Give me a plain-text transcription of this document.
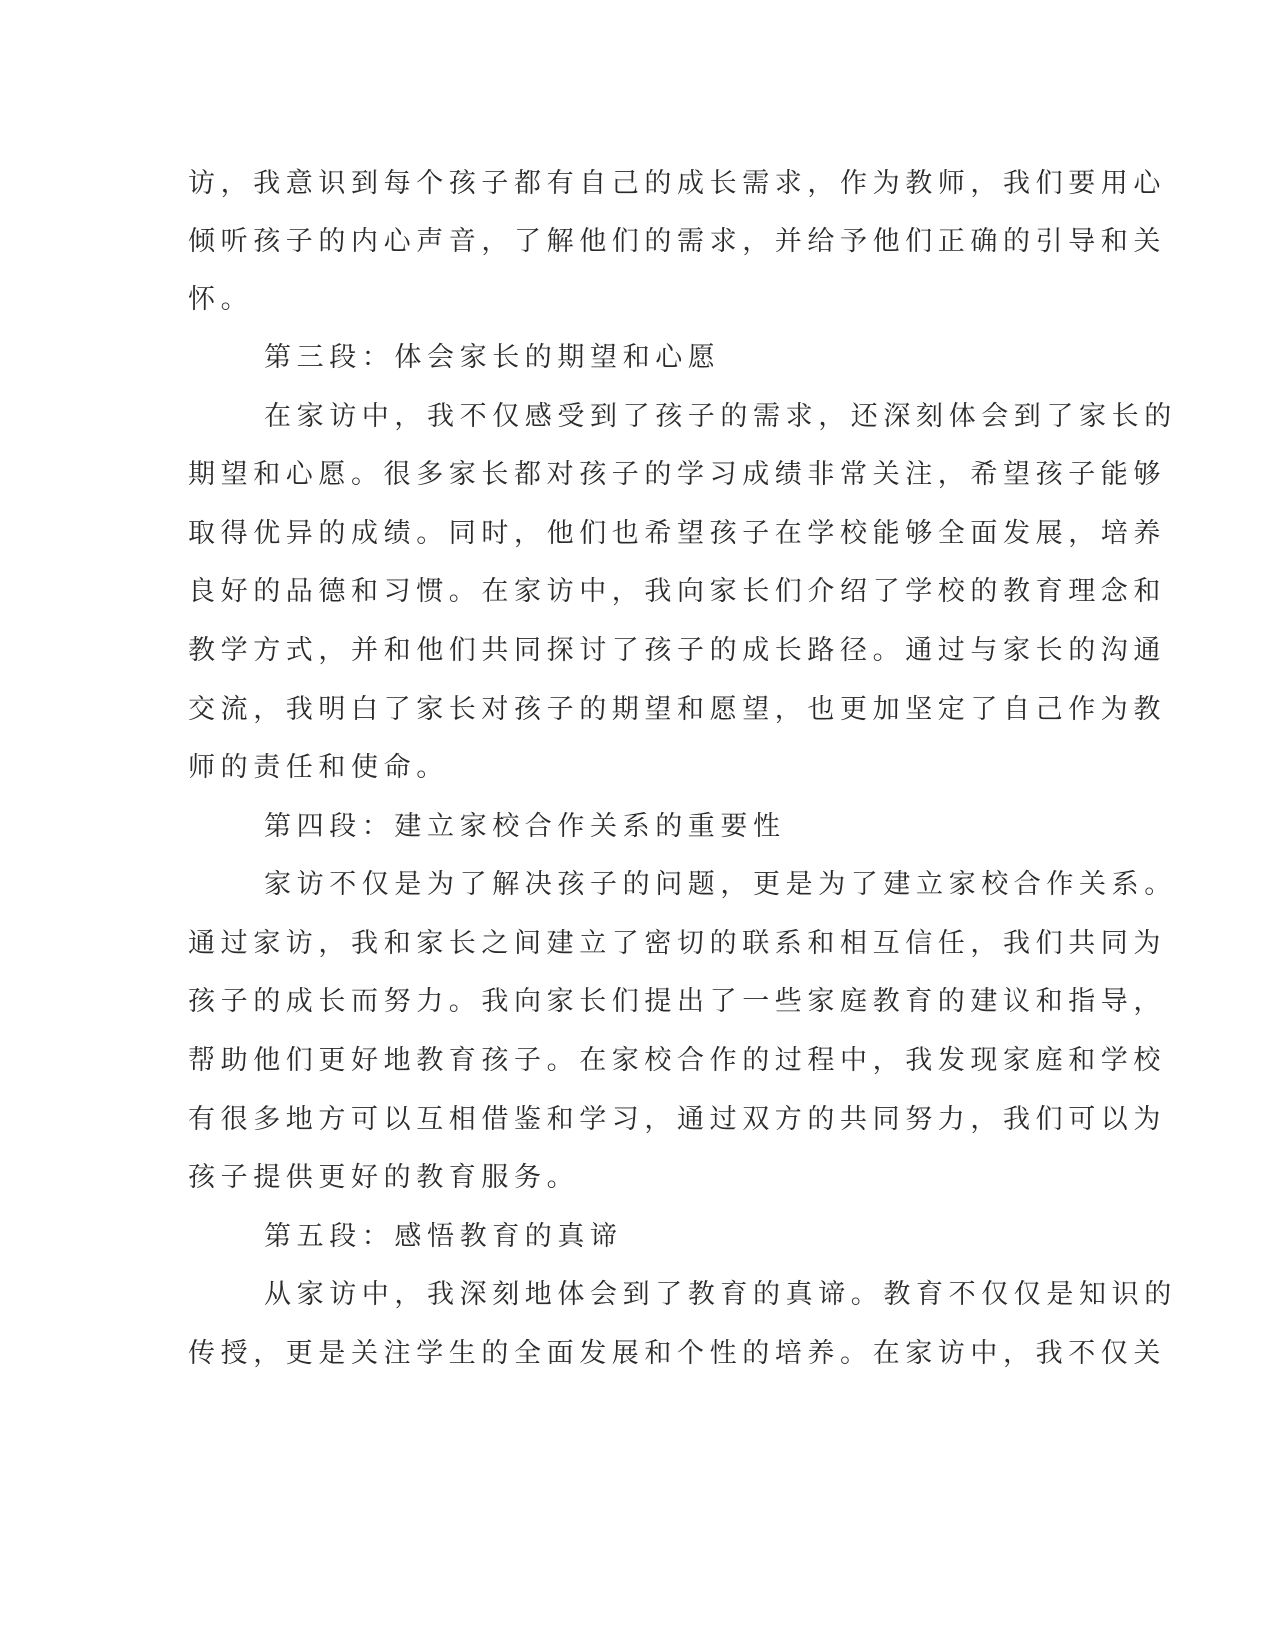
访，我意识到每个孩子都有自己的成长需求，作为教师，我们要用心
倾听孩子的内心声音，了解他们的需求，并给予他们正确的引导和关
怀。
第三段：体会家长的期望和心愿
在家访中，我不仅感受到了孩子的需求，还深刻体会到了家长的
期望和心愿。很多家长都对孩子的学习成绩非常关注，希望孩子能够
取得优异的成绩。同时，他们也希望孩子在学校能够全面发展，培养
良好的品德和习惯。在家访中，我向家长们介绍了学校的教育理念和
教学方式，并和他们共同探讨了孩子的成长路径。通过与家长的沟通
交流，我明白了家长对孩子的期望和愿望，也更加坚定了自己作为教
师的责任和使命。
第四段：建立家校合作关系的重要性
家访不仅是为了解决孩子的问题，更是为了建立家校合作关系。
通过家访，我和家长之间建立了密切的联系和相互信任，我们共同为
孩子的成长而努力。我向家长们提出了一些家庭教育的建议和指导，
帮助他们更好地教育孩子。在家校合作的过程中，我发现家庭和学校
有很多地方可以互相借鉴和学习，通过双方的共同努力，我们可以为
孩子提供更好的教育服务。
第五段：感悟教育的真谛
从家访中，我深刻地体会到了教育的真谛。教育不仅仅是知识的
传授，更是关注学生的全面发展和个性的培养。在家访中，我不仅关
